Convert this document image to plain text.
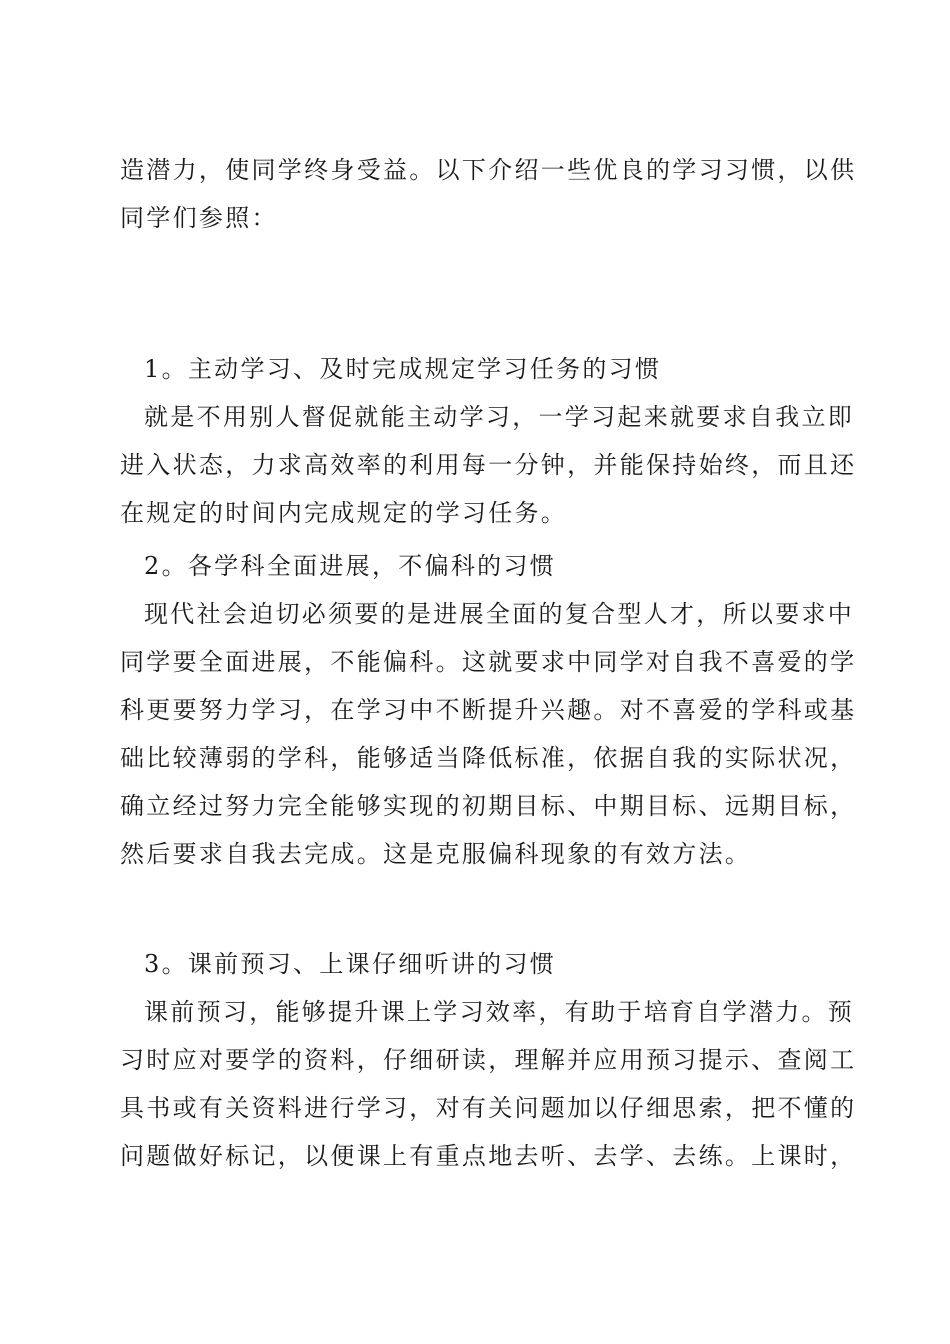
造潜力，使同学终身受益。以下介绍一些优良的学习习惯，以供
同学们参照：
1。主动学习、及时完成规定学习任务的习惯
就是不用别人督促就能主动学习，一学习起来就要求自我立即
进入状态，力求高效率的利用每一分钟，并能保持始终，而且还
在规定的时间内完成规定的学习任务。
2。各学科全面进展，不偏科的习惯
现代社会迫切必须要的是进展全面的复合型人才，所以要求中
同学要全面进展，不能偏科。这就要求中同学对自我不喜爱的学
科更要努力学习，在学习中不断提升兴趣。对不喜爱的学科或基
础比较薄弱的学科，能够适当降低标准，依据自我的实际状况，
确立经过努力完全能够实现的初期目标、中期目标、远期目标，
然后要求自我去完成。这是克服偏科现象的有效方法。
3。课前预习、上课仔细听讲的习惯
课前预习，能够提升课上学习效率，有助于培育自学潜力。预
习时应对要学的资料，仔细研读，理解并应用预习提示、查阅工
具书或有关资料进行学习，对有关问题加以仔细思索，把不懂的
问题做好标记，以便课上有重点地去听、去学、去练。上课时，
